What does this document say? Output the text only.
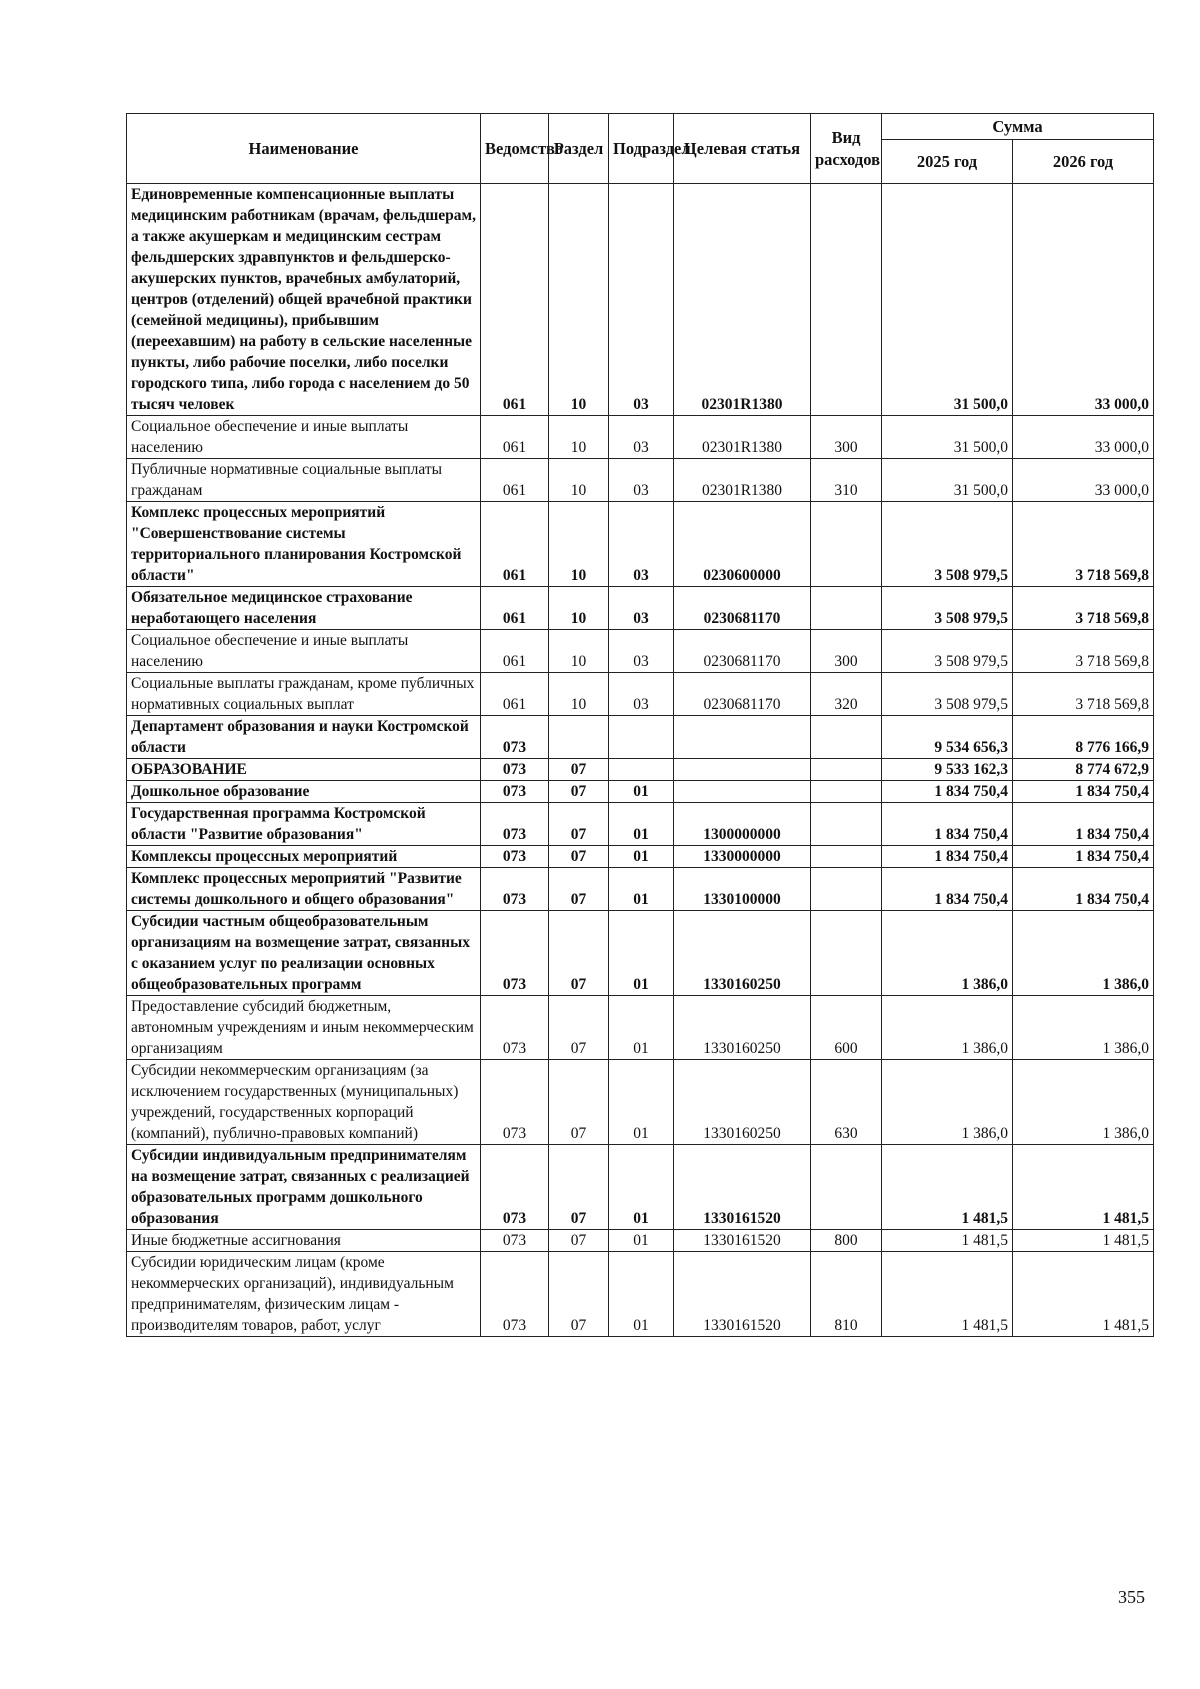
Наименование	Ведомство	Раздел	Подраздел	Целевая статья	Вид расходов	Сумма	
						2025 год	2026 год
Единовременные компенсационные выплаты медицинским работникам (врачам, фельдшерам, а также акушеркам и медицинским сестрам фельдшерских здравпунктов и фельдшерско-акушерских пунктов, врачебных амбулаторий, центров (отделений) общей врачебной практики (семейной медицины), прибывшим (переехавшим) на работу в сельские населенные пункты, либо рабочие поселки, либо поселки городского типа, либо города с населением до 50 тысяч человек	061	10	03	02301R1380		31 500,0	33 000,0
Социальное обеспечение и иные выплаты населению	061	10	03	02301R1380	300	31 500,0	33 000,0
Публичные нормативные социальные выплаты гражданам	061	10	03	02301R1380	310	31 500,0	33 000,0
Комплекс процессных мероприятий "Совершенствование системы территориального планирования Костромской области"	061	10	03	0230600000		3 508 979,5	3 718 569,8
Обязательное медицинское страхование неработающего населения	061	10	03	0230681170		3 508 979,5	3 718 569,8
Социальное обеспечение и иные выплаты населению	061	10	03	0230681170	300	3 508 979,5	3 718 569,8
Социальные выплаты гражданам, кроме публичных нормативных социальных выплат	061	10	03	0230681170	320	3 508 979,5	3 718 569,8
Департамент образования и науки Костромской области	073					9 534 656,3	8 776 166,9
ОБРАЗОВАНИЕ	073	07				9 533 162,3	8 774 672,9
Дошкольное образование	073	07	01			1 834 750,4	1 834 750,4
Государственная программа Костромской области "Развитие образования"	073	07	01	1300000000		1 834 750,4	1 834 750,4
Комплексы процессных мероприятий	073	07	01	1330000000		1 834 750,4	1 834 750,4
Комплекс процессных мероприятий "Развитие системы дошкольного и общего образования"	073	07	01	1330100000		1 834 750,4	1 834 750,4
Субсидии частным общеобразовательным организациям на возмещение затрат, связанных с оказанием услуг по реализации основных общеобразовательных программ	073	07	01	1330160250		1 386,0	1 386,0
Предоставление субсидий бюджетным, автономным учреждениям и иным некоммерческим организациям	073	07	01	1330160250	600	1 386,0	1 386,0
Субсидии некоммерческим организациям (за исключением государственных (муниципальных) учреждений, государственных корпораций (компаний), публично-правовых компаний)	073	07	01	1330160250	630	1 386,0	1 386,0
Субсидии индивидуальным предпринимателям на возмещение затрат, связанных с реализацией образовательных программ дошкольного образования	073	07	01	1330161520		1 481,5	1 481,5
Иные бюджетные ассигнования	073	07	01	1330161520	800	1 481,5	1 481,5
Субсидии юридическим лицам (кроме некоммерческих организаций), индивидуальным предпринимателям, физическим лицам - производителям товаров, работ, услуг	073	07	01	1330161520	810	1 481,5	1 481,5
355
